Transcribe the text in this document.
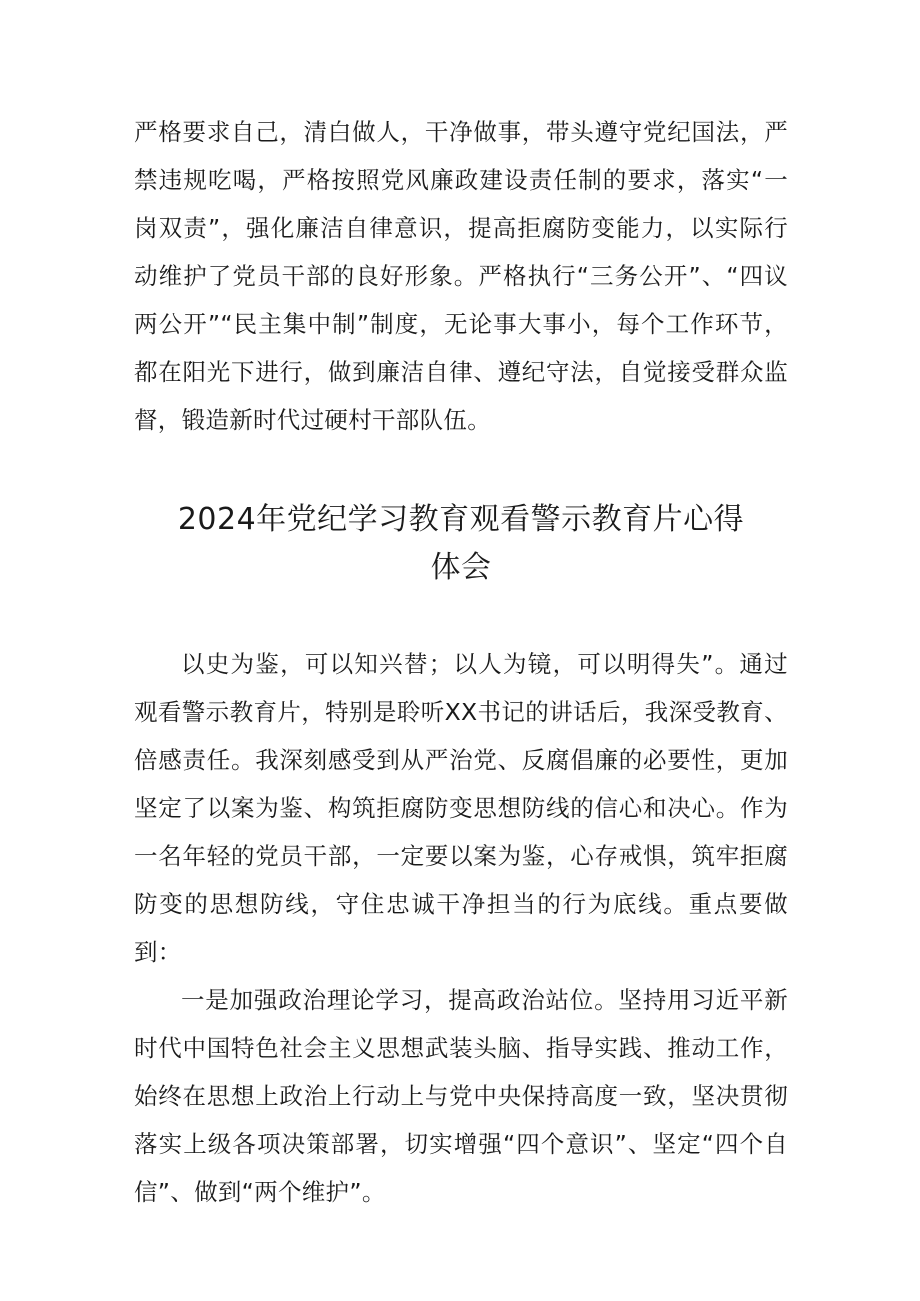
严格要求自己，清白做人，干净做事，带头遵守党纪国法，严禁违规吃喝，严格按照党风廉政建设责任制的要求，落实“一岗双责”，强化廉洁自律意识，提高拒腐防变能力，以实际行动维护了党员干部的良好形象。严格执行“三务公开”、“四议两公开”“民主集中制”制度，无论事大事小，每个工作环节，都在阳光下进行，做到廉洁自律、遵纪守法，自觉接受群众监督，锻造新时代过硬村干部队伍。

2024年党纪学习教育观看警示教育片心得
体会

以史为鉴，可以知兴替；以人为镜，可以明得失”。通过观看警示教育片，特别是聆听XX书记的讲话后，我深受教育、倍感责任。我深刻感受到从严治党、反腐倡廉的必要性，更加坚定了以案为鉴、构筑拒腐防变思想防线的信心和决心。作为一名年轻的党员干部，一定要以案为鉴，心存戒惧，筑牢拒腐防变的思想防线，守住忠诚干净担当的行为底线。重点要做到：

一是加强政治理论学习，提高政治站位。坚持用习近平新时代中国特色社会主义思想武装头脑、指导实践、推动工作，始终在思想上政治上行动上与党中央保持高度一致，坚决贯彻落实上级各项决策部署，切实增强“四个意识”、坚定“四个自信”、做到“两个维护”。
